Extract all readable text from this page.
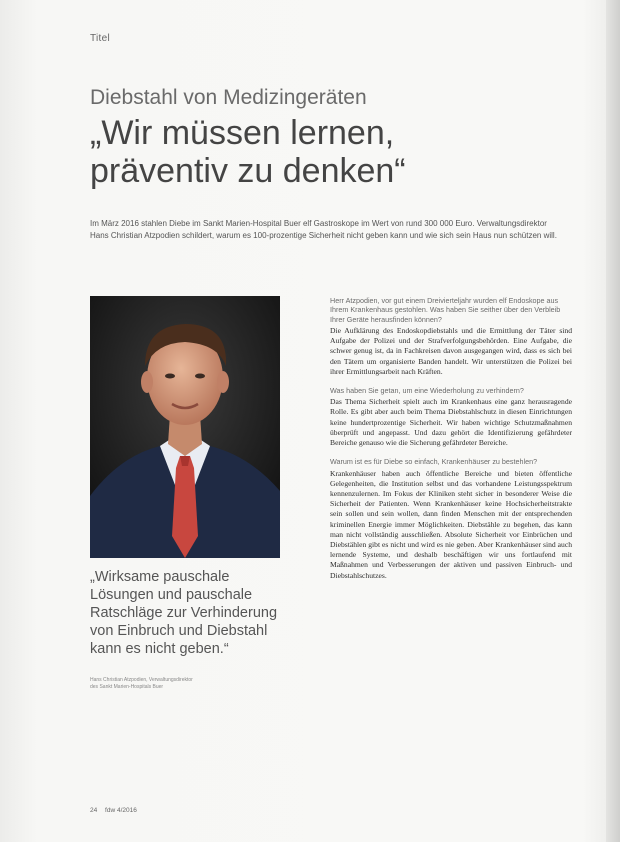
Titel
Diebstahl von Medizingeräten
„Wir müssen lernen,
präventiv zu denken“
Im März 2016 stahlen Diebe im Sankt Marien-Hospital Buer elf Gastroskope im Wert von rund 300 000 Euro. Verwaltungsdirektor Hans Christian Atzpodien schildert, warum es 100-prozentige Sicherheit nicht geben kann und wie sich sein Haus nun schützen will.
„Wirksame pauschale
Lösungen und pauschale
Ratschläge zur Verhinderung
von Einbruch und Diebstahl
kann es nicht geben.“
Hans Christian Atzpodien, Verwaltungsdirektor
des Sankt Marien-Hospitals Buer

Herr Atzpodien, vor gut einem Dreivierteljahr wurden elf Endoskope aus Ihrem Krankenhaus gestohlen. Was haben Sie seither über den Verbleib Ihrer Geräte herausfinden können?

Die Aufklärung des Endoskopdiebstahls und die Ermittlung der Täter sind Aufgabe der Polizei und der Strafverfolgungsbehörden. Eine Aufgabe, die schwer genug ist, da in Fachkreisen davon ausgegangen wird, dass es sich bei den Tätern um organisierte Banden handelt. Wir unterstützen die Polizei bei ihrer Ermittlungsarbeit nach Kräften.

Was haben Sie getan, um eine Wiederholung zu verhindern?

Das Thema Sicherheit spielt auch im Krankenhaus eine ganz herausragende Rolle. Es gibt aber auch beim Thema Diebstahlschutz in diesen Einrichtungen keine hundertprozentige Sicherheit. Wir haben wichtige Schutzmaßnahmen überprüft und angepasst. Und dazu gehört die Identifizierung gefährdeter Bereiche genauso wie die Sicherung gefährdeter Bereiche.

Warum ist es für Diebe so einfach, Krankenhäuser zu bestehlen?

Krankenhäuser haben auch öffentliche Bereiche und bieten öffentliche Gelegenheiten, die Institution selbst und das vorhandene Leistungsspektrum kennenzulernen. Im Fokus der Kliniken steht sicher in besonderer Weise die Sicherheit der Patienten. Wenn Krankenhäuser keine Hochsicherheitstrakte sein sollen und sein wollen, dann finden Menschen mit der entsprechenden kriminellen Energie immer Möglichkeiten. Diebstähle zu begehen, das kann man nicht vollständig ausschließen. Absolute Sicherheit vor Einbrüchen und Diebstählen gibt es nicht und wird es nie geben. Aber Krankenhäuser sind auch lernende Systeme, und deshalb beschäftigen wir uns fortlaufend mit Maßnahmen und Verbesserungen der aktiven und passiven Einbruch- und Diebstahlschutzes.

24 fdw 4/2016
